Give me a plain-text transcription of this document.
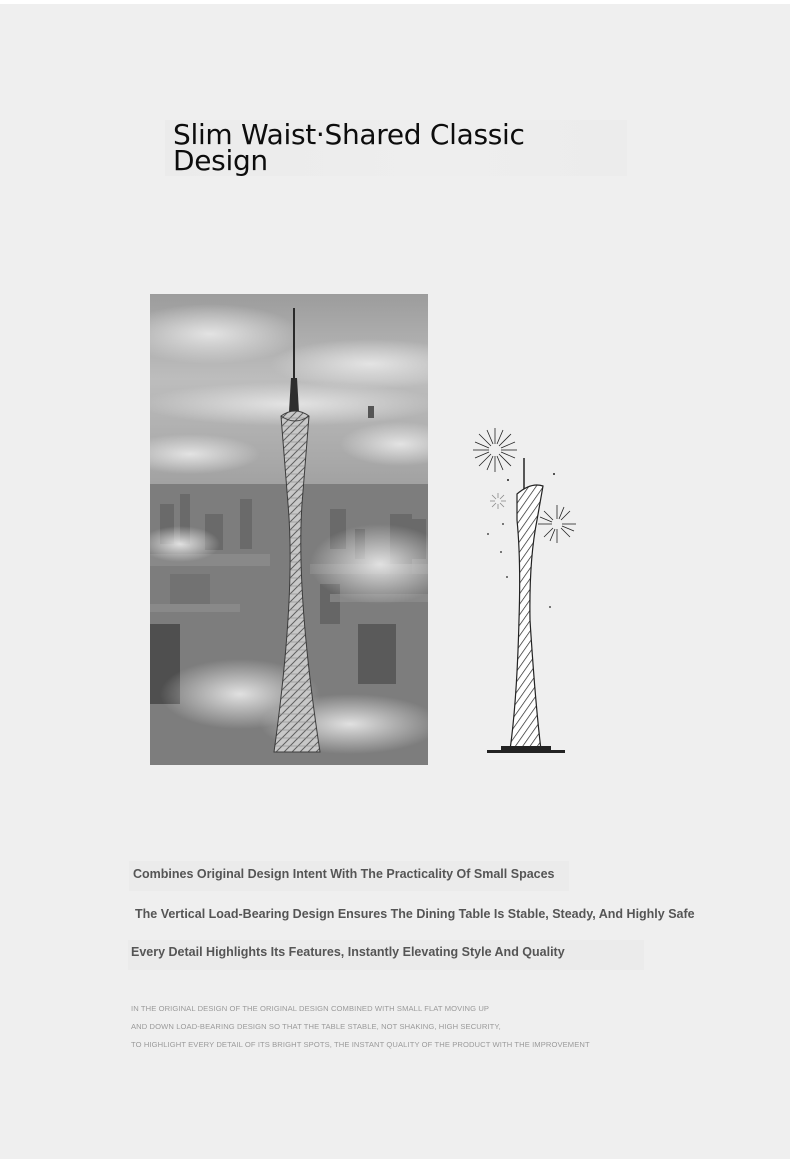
Slim Waist·Shared Classic Design

Combines Original Design Intent With The Practicality Of Small Spaces

The Vertical Load-Bearing Design Ensures The Dining Table Is Stable, Steady, And Highly Safe

Every Detail Highlights Its Features, Instantly Elevating Style And Quality

IN THE ORIGINAL DESIGN OF THE ORIGINAL DESIGN COMBINED WITH SMALL FLAT MOVING UP

AND DOWN LOAD-BEARING DESIGN SO THAT THE TABLE STABLE, NOT SHAKING, HIGH SECURITY,

TO HIGHLIGHT EVERY DETAIL OF ITS BRIGHT SPOTS, THE INSTANT QUALITY OF THE PRODUCT WITH THE IMPROVEMENT
